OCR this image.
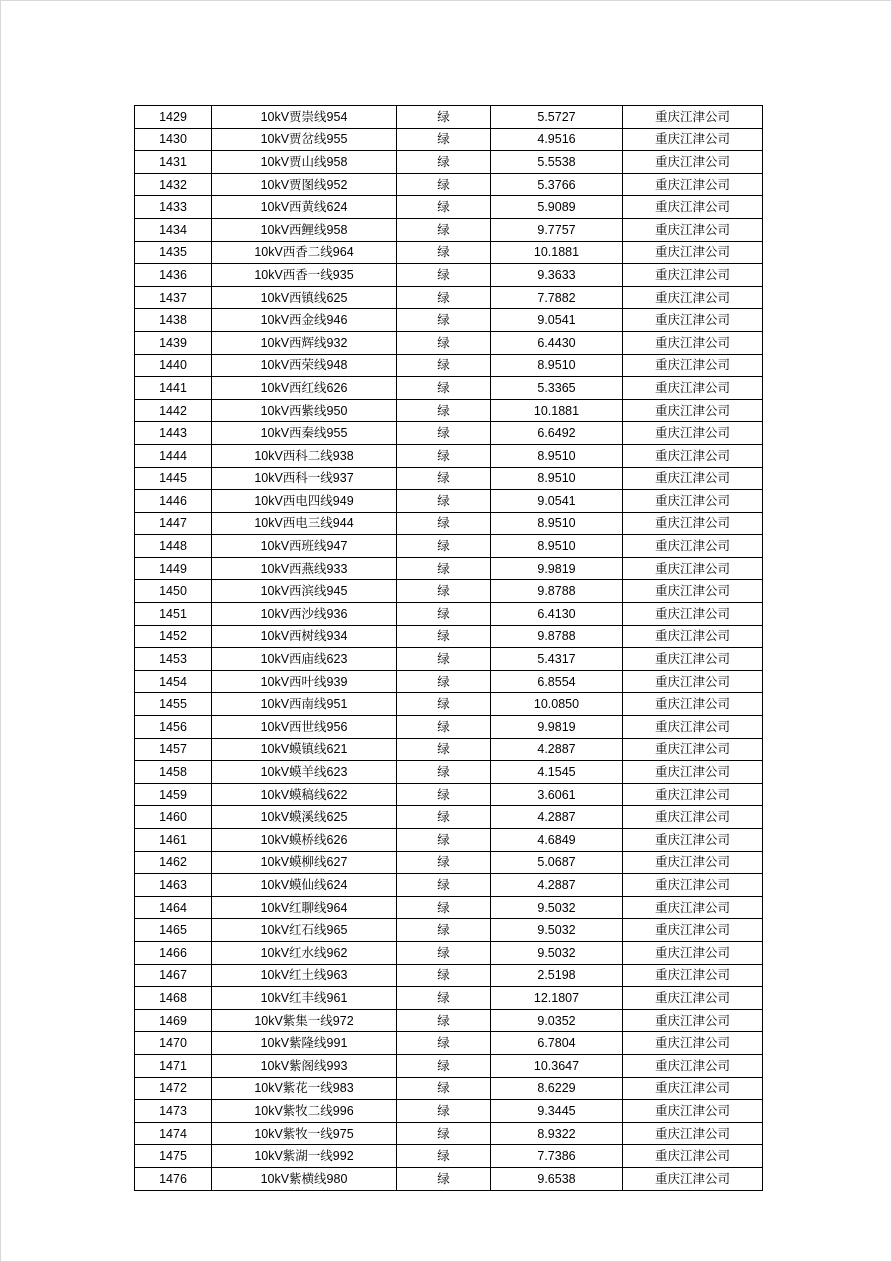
1429	10kV贾崇线954	绿	5.5727	重庆江津公司
1430	10kV贾岔线955	绿	4.9516	重庆江津公司
1431	10kV贾山线958	绿	5.5538	重庆江津公司
1432	10kV贾图线952	绿	5.3766	重庆江津公司
1433	10kV西黄线624	绿	5.9089	重庆江津公司
1434	10kV西鲤线958	绿	9.7757	重庆江津公司
1435	10kV西香二线964	绿	10.1881	重庆江津公司
1436	10kV西香一线935	绿	9.3633	重庆江津公司
1437	10kV西镇线625	绿	7.7882	重庆江津公司
1438	10kV西金线946	绿	9.0541	重庆江津公司
1439	10kV西辉线932	绿	6.4430	重庆江津公司
1440	10kV西荣线948	绿	8.9510	重庆江津公司
1441	10kV西红线626	绿	5.3365	重庆江津公司
1442	10kV西紫线950	绿	10.1881	重庆江津公司
1443	10kV西秦线955	绿	6.6492	重庆江津公司
1444	10kV西科二线938	绿	8.9510	重庆江津公司
1445	10kV西科一线937	绿	8.9510	重庆江津公司
1446	10kV西电四线949	绿	9.0541	重庆江津公司
1447	10kV西电三线944	绿	8.9510	重庆江津公司
1448	10kV西班线947	绿	8.9510	重庆江津公司
1449	10kV西燕线933	绿	9.9819	重庆江津公司
1450	10kV西滨线945	绿	9.8788	重庆江津公司
1451	10kV西沙线936	绿	6.4130	重庆江津公司
1452	10kV西树线934	绿	9.8788	重庆江津公司
1453	10kV西庙线623	绿	5.4317	重庆江津公司
1454	10kV西叶线939	绿	6.8554	重庆江津公司
1455	10kV西南线951	绿	10.0850	重庆江津公司
1456	10kV西世线956	绿	9.9819	重庆江津公司
1457	10kV蟆镇线621	绿	4.2887	重庆江津公司
1458	10kV蟆羊线623	绿	4.1545	重庆江津公司
1459	10kV蟆稿线622	绿	3.6061	重庆江津公司
1460	10kV蟆溪线625	绿	4.2887	重庆江津公司
1461	10kV蟆桥线626	绿	4.6849	重庆江津公司
1462	10kV蟆柳线627	绿	5.0687	重庆江津公司
1463	10kV蟆仙线624	绿	4.2887	重庆江津公司
1464	10kV红聊线964	绿	9.5032	重庆江津公司
1465	10kV红石线965	绿	9.5032	重庆江津公司
1466	10kV红水线962	绿	9.5032	重庆江津公司
1467	10kV红土线963	绿	2.5198	重庆江津公司
1468	10kV红丰线961	绿	12.1807	重庆江津公司
1469	10kV紫集一线972	绿	9.0352	重庆江津公司
1470	10kV紫隆线991	绿	6.7804	重庆江津公司
1471	10kV紫阁线993	绿	10.3647	重庆江津公司
1472	10kV紫花一线983	绿	8.6229	重庆江津公司
1473	10kV紫牧二线996	绿	9.3445	重庆江津公司
1474	10kV紫牧一线975	绿	8.9322	重庆江津公司
1475	10kV紫湖一线992	绿	7.7386	重庆江津公司
1476	10kV紫横线980	绿	9.6538	重庆江津公司
